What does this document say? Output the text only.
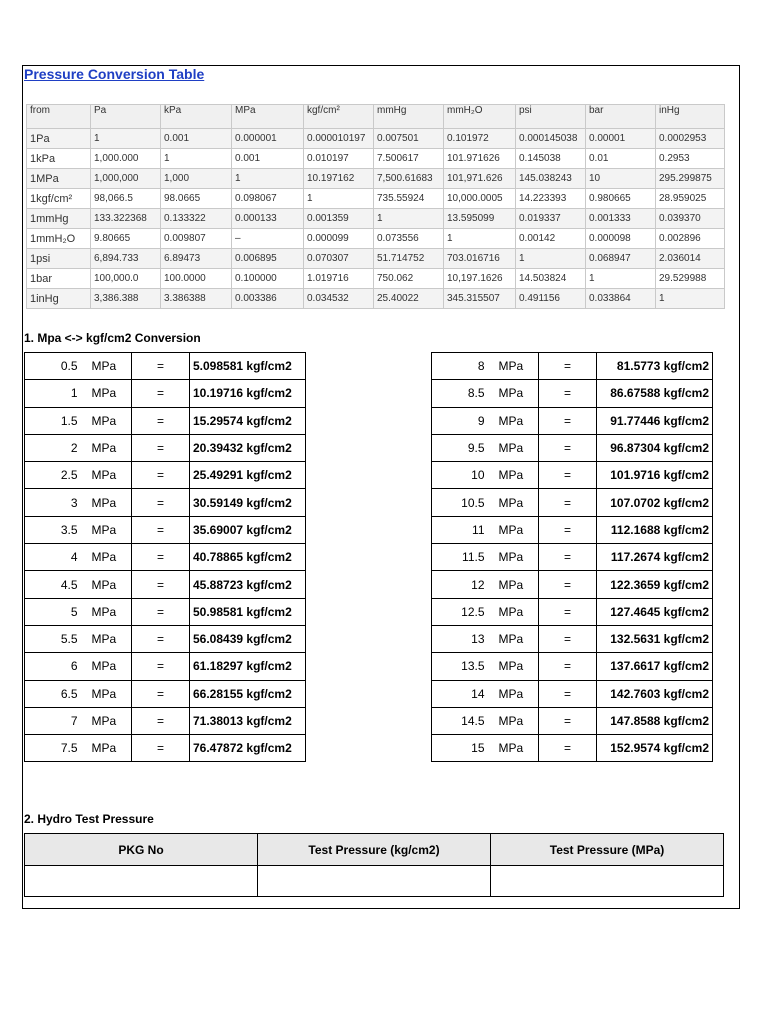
Pressure Conversion Table
from	Pa	kPa	MPa	kgf/cm²	mmHg	mmH₂O	psi	bar	inHg
1Pa	1	0.001	0.000001	0.000010197	0.007501	0.101972	0.000145038	0.00001	0.0002953
1kPa	1,000.000	1	0.001	0.010197	7.500617	101.971626	0.145038	0.01	0.2953
1MPa	1,000,000	1,000	1	10.197162	7,500.61683	101,971.626	145.038243	10	295.299875
1kgf/cm²	98,066.5	98.0665	0.098067	1	735.55924	10,000.0005	14.223393	0.980665	28.959025
1mmHg	133.322368	0.133322	0.000133	0.001359	1	13.595099	0.019337	0.001333	0.039370
1mmH₂O	9.80665	0.009807	–	0.000099	0.073556	1	0.00142	0.000098	0.002896
1psi	6,894.733	6.89473	0.006895	0.070307	51.714752	703.016716	1	0.068947	2.036014
1bar	100,000.0	100.0000	0.100000	1.019716	750.062	10,197.1626	14.503824	1	29.529988
1inHg	3,386.388	3.386388	0.003386	0.034532	25.40022	345.315507	0.491156	0.033864	1
1. Mpa <-> kgf/cm2 Conversion
0.5	MPa	=	5.098581 kgf/cm2
1	MPa	=	10.19716 kgf/cm2
1.5	MPa	=	15.29574 kgf/cm2
2	MPa	=	20.39432 kgf/cm2
2.5	MPa	=	25.49291 kgf/cm2
3	MPa	=	30.59149 kgf/cm2
3.5	MPa	=	35.69007 kgf/cm2
4	MPa	=	40.78865 kgf/cm2
4.5	MPa	=	45.88723 kgf/cm2
5	MPa	=	50.98581 kgf/cm2
5.5	MPa	=	56.08439 kgf/cm2
6	MPa	=	61.18297 kgf/cm2
6.5	MPa	=	66.28155 kgf/cm2
7	MPa	=	71.38013 kgf/cm2
7.5	MPa	=	76.47872 kgf/cm2
8	MPa	=	81.5773 kgf/cm2
8.5	MPa	=	86.67588 kgf/cm2
9	MPa	=	91.77446 kgf/cm2
9.5	MPa	=	96.87304 kgf/cm2
10	MPa	=	101.9716 kgf/cm2
10.5	MPa	=	107.0702 kgf/cm2
11	MPa	=	112.1688 kgf/cm2
11.5	MPa	=	117.2674 kgf/cm2
12	MPa	=	122.3659 kgf/cm2
12.5	MPa	=	127.4645 kgf/cm2
13	MPa	=	132.5631 kgf/cm2
13.5	MPa	=	137.6617 kgf/cm2
14	MPa	=	142.7603 kgf/cm2
14.5	MPa	=	147.8588 kgf/cm2
15	MPa	=	152.9574 kgf/cm2
2. Hydro Test Pressure
PKG No	Test Pressure (kg/cm2)	Test Pressure (MPa)
